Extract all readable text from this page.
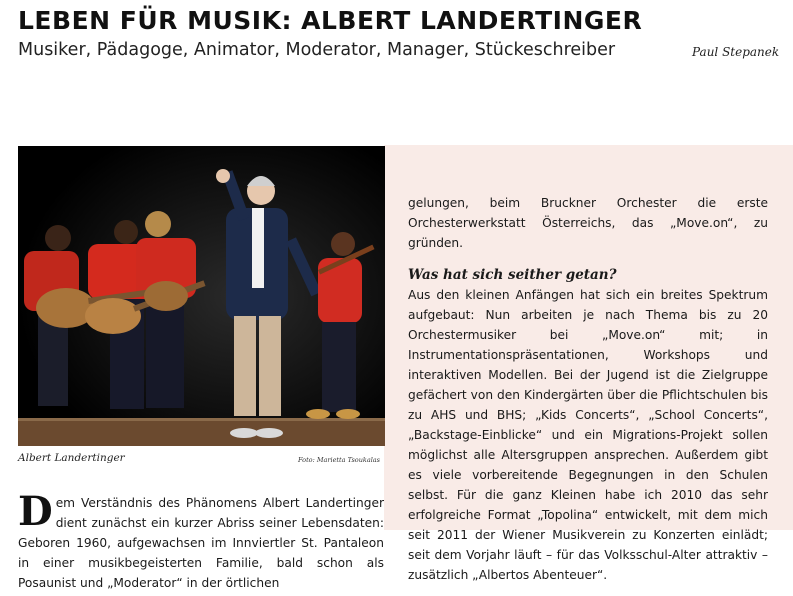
LEBEN FÜR MUSIK: ALBERT LANDERTINGER
Musiker, Pädagoge, Animator, Moderator, Manager, Stückeschreiber	Paul Stepanek
Albert Landertinger	Foto: Marietta Tsoukalas
D em Verständnis des Phänomens Albert Landertinger dient zunächst ein kurzer Abriss seiner Lebensdaten: Geboren 1960, aufgewachsen im Innviertler St. Pantaleon in einer musikbegeisterten Familie, bald schon als Posaunist und „Moderator“ in der örtlichen

gelungen, beim Bruckner Orchester die erste Orchesterwerkstatt Österreichs, das „Move.on“, zu gründen.

Was hat sich seither getan?

Aus den kleinen Anfängen hat sich ein breites Spektrum aufgebaut: Nun arbeiten je nach Thema bis zu 20 Orchestermusiker bei „Move.on“ mit; in Instrumentationspräsentationen, Workshops und interaktiven Modellen. Bei der Jugend ist die Zielgruppe gefächert von den Kindergärten über die Pflichtschulen bis zu AHS und BHS; „Kids Concerts“, „School Concerts“, „Backstage-Einblicke“ und ein Migrations-Projekt sollen möglichst alle Altersgruppen ansprechen. Außerdem gibt es viele vorbereitende Begegnungen in den Schulen selbst. Für die ganz Kleinen habe ich 2010 das sehr erfolgreiche Format „Topolina“ entwickelt, mit dem mich seit 2011 der Wiener Musikverein zu Konzerten einlädt; seit dem Vorjahr läuft – für das Volksschul-Alter attraktiv – zusätzlich „Albertos Abenteuer“.
